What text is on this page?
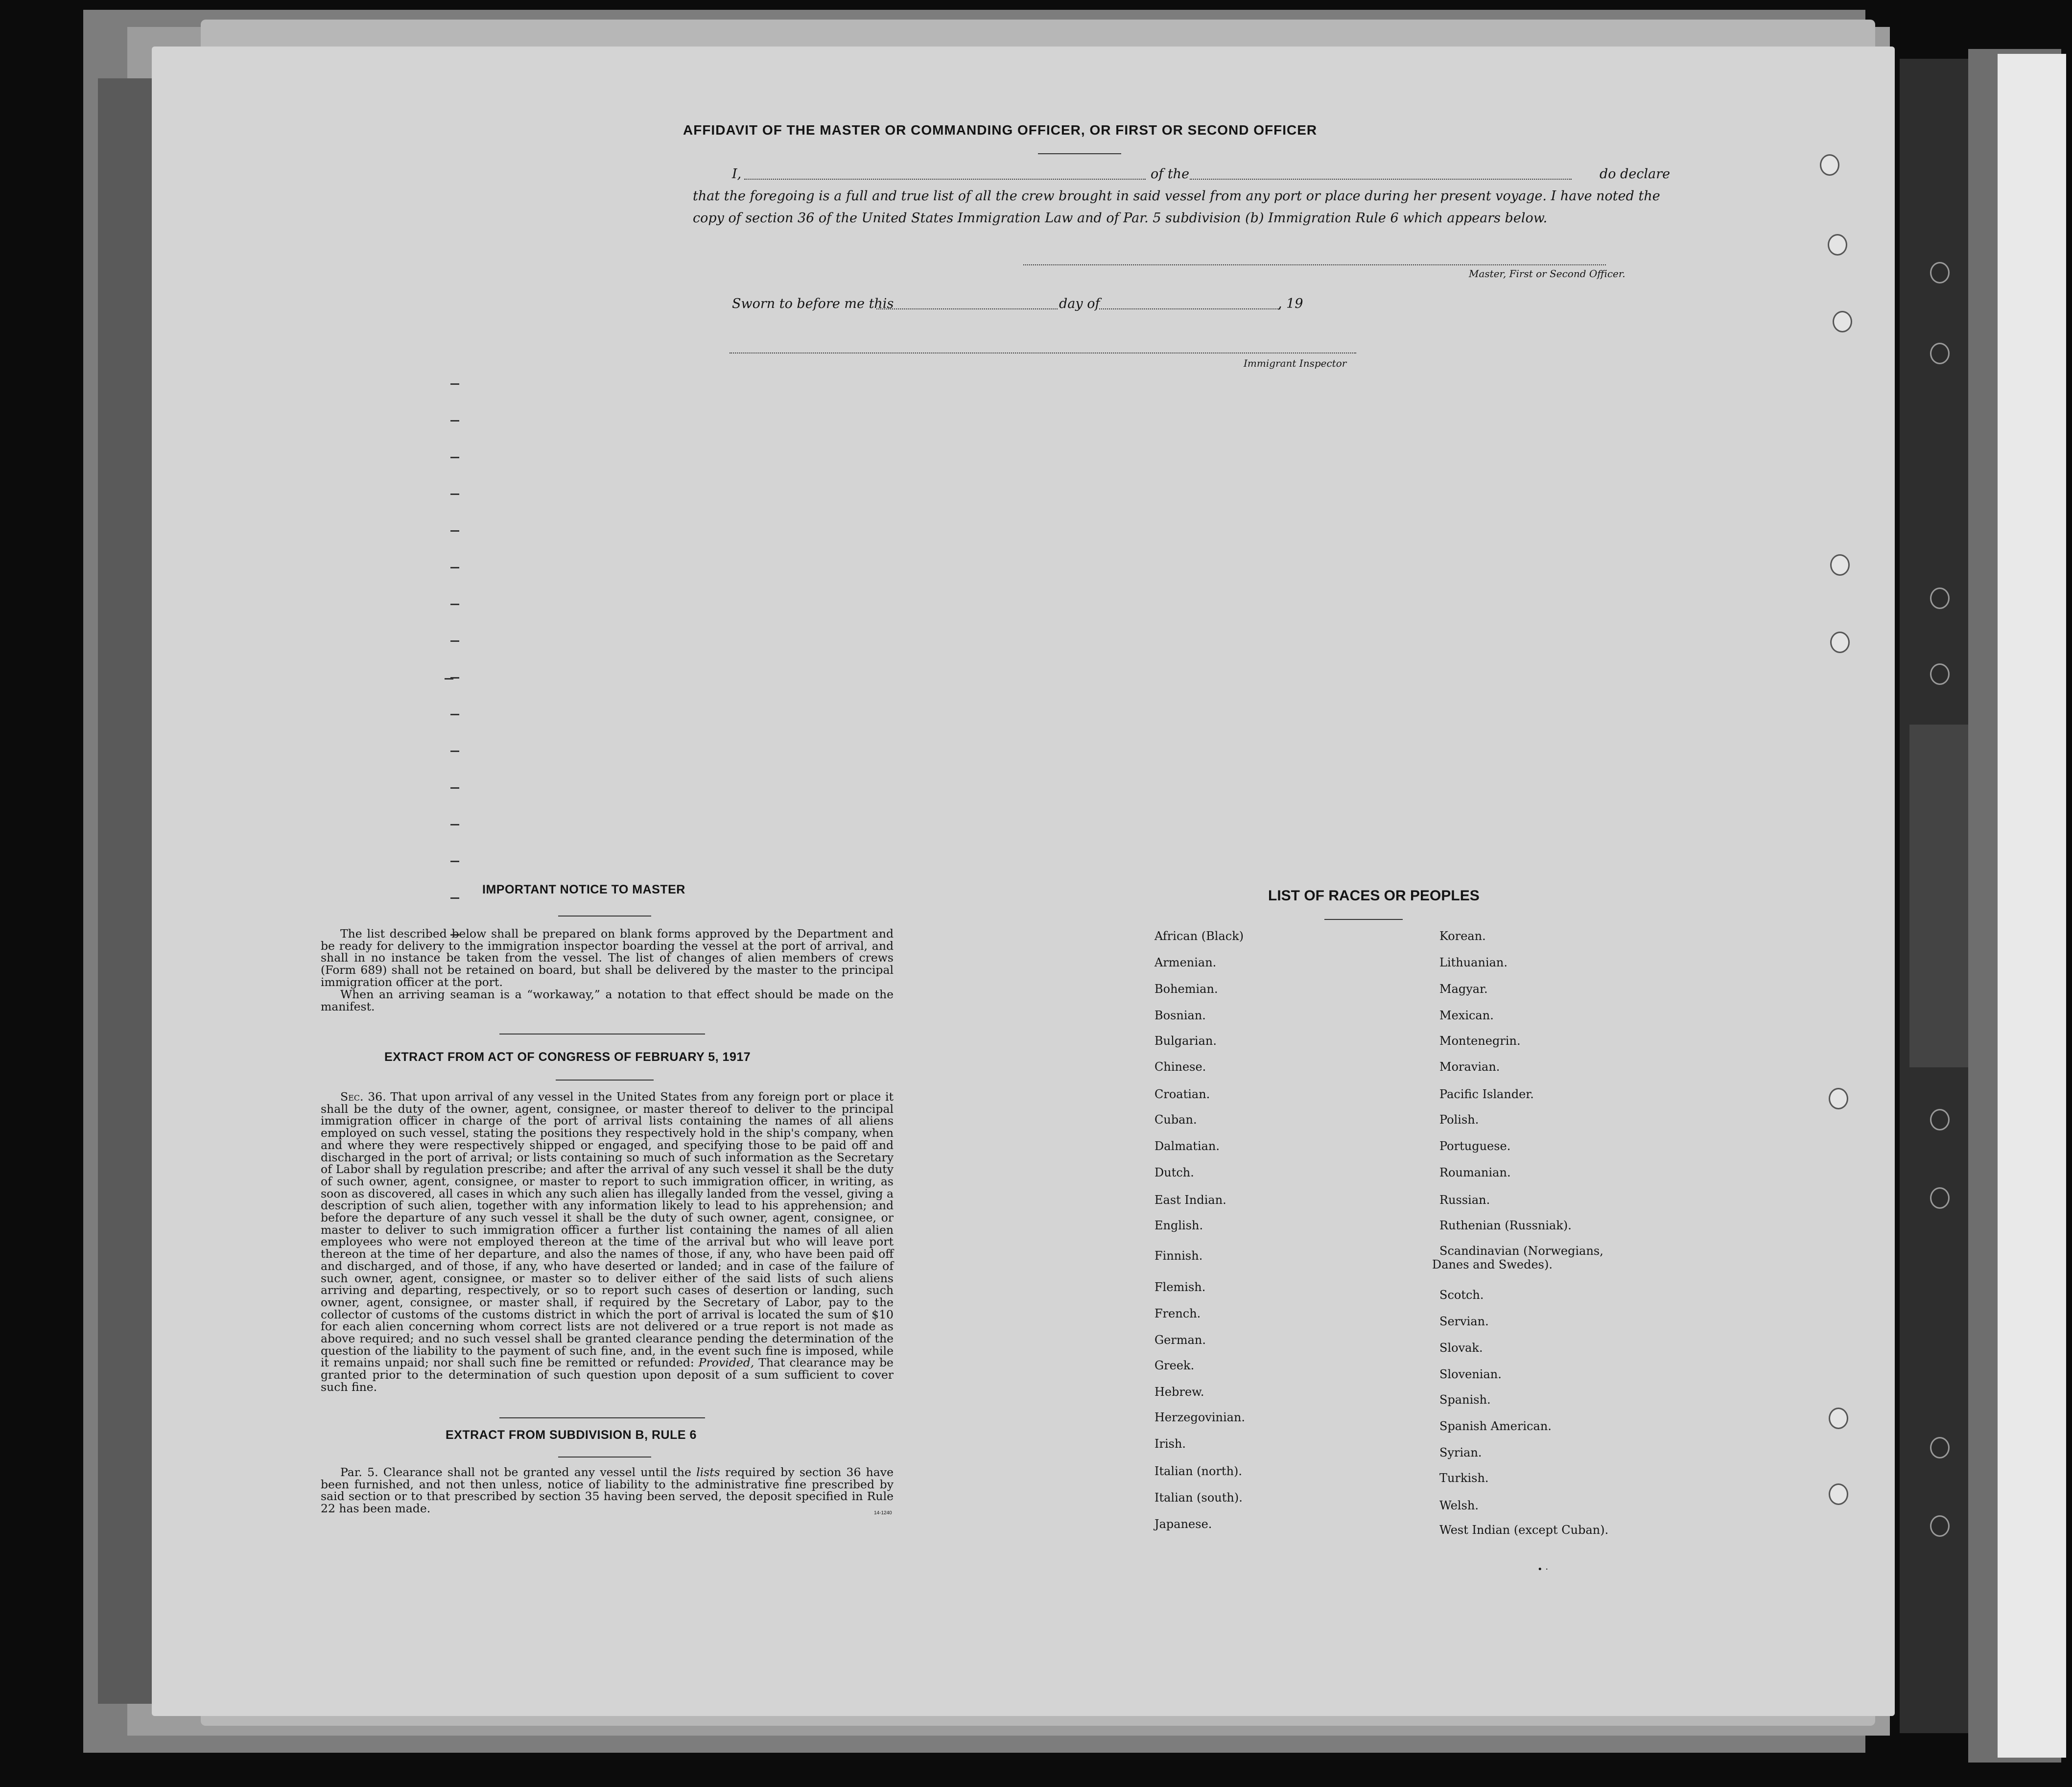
AFFIDAVIT OF THE MASTER OR COMMANDING OFFICER, OR FIRST OR SECOND OFFICER
I,	of the	do declare
that the foregoing is a full and true list of all the crew brought in said vessel from any port or place during her present voyage. I have noted the
copy of section 36 of the United States Immigration Law and of Par. 5 subdivision (b) Immigration Rule 6 which appears below.
Master, First or Second Officer.
Sworn to before me this	day of	, 19
Immigrant Inspector
IMPORTANT NOTICE TO MASTER
The list described below shall be prepared on blank forms approved by the Department and be ready for delivery to the immigration inspector boarding the vessel at the port of arrival, and shall in no instance be taken from the vessel. The list of changes of alien members of crews (Form 689) shall not be retained on board, but shall be delivered by the master to the principal immigration officer at the port.
When an arriving seaman is a “workaway,” a notation to that effect should be made on the manifest.
EXTRACT FROM ACT OF CONGRESS OF FEBRUARY 5, 1917
Sec. 36. That upon arrival of any vessel in the United States from any foreign port or place it shall be the duty of the owner, agent, consignee, or master thereof to deliver to the principal immigration officer in charge of the port of arrival lists containing the names of all aliens employed on such vessel, stating the positions they respectively hold in the ship's company, when and where they were respectively shipped or engaged, and specifying those to be paid off and discharged in the port of arrival; or lists containing so much of such information as the Secretary of Labor shall by regulation prescribe; and after the arrival of any such vessel it shall be the duty of such owner, agent, consignee, or master to report to such immigration officer, in writing, as soon as discovered, all cases in which any such alien has illegally landed from the vessel, giving a description of such alien, together with any information likely to lead to his apprehension; and before the departure of any such vessel it shall be the duty of such owner, agent, consignee, or master to deliver to such immigration officer a further list containing the names of all alien employees who were not employed thereon at the time of the arrival but who will leave port thereon at the time of her departure, and also the names of those, if any, who have been paid off and discharged, and of those, if any, who have deserted or landed; and in case of the failure of such owner, agent, consignee, or master so to deliver either of the said lists of such aliens arriving and departing, respectively, or so to report such cases of desertion or landing, such owner, agent, consignee, or master shall, if required by the Secretary of Labor, pay to the collector of customs of the customs district in which the port of arrival is located the sum of $10 for each alien concerning whom correct lists are not delivered or a true report is not made as above required; and no such vessel shall be granted clearance pending the determination of the question of the liability to the payment of such fine, and, in the event such fine is imposed, while it remains unpaid; nor shall such fine be remitted or refunded: Provided, That clearance may be granted prior to the determination of such question upon deposit of a sum sufficient to cover such fine.
EXTRACT FROM SUBDIVISION B, RULE 6
Par. 5. Clearance shall not be granted any vessel until the lists required by section 36 have been furnished, and not then unless, notice of liability to the administrative fine prescribed by said section or to that prescribed by section 35 having been served, the deposit specified in Rule 22 has been made.	14-1240
LIST OF RACES OR PEOPLES
African (Black)
Armenian.
Bohemian.
Bosnian.
Bulgarian.
Chinese.
Croatian.
Cuban.
Dalmatian.
Dutch.
East Indian.
English.
Finnish.
Flemish.
French.
German.
Greek.
Hebrew.
Herzegovinian.
Irish.
Italian (north).
Italian (south).
Japanese.
Korean.
Lithuanian.
Magyar.
Mexican.
Montenegrin.
Moravian.
Pacific Islander.
Polish.
Portuguese.
Roumanian.
Russian.
Ruthenian (Russniak).
Scandinavian (Norwegians,
Danes and Swedes).
Scotch.
Servian.
Slovak.
Slovenian.
Spanish.
Spanish American.
Syrian.
Turkish.
Welsh.
West Indian (except Cuban).
• ·
